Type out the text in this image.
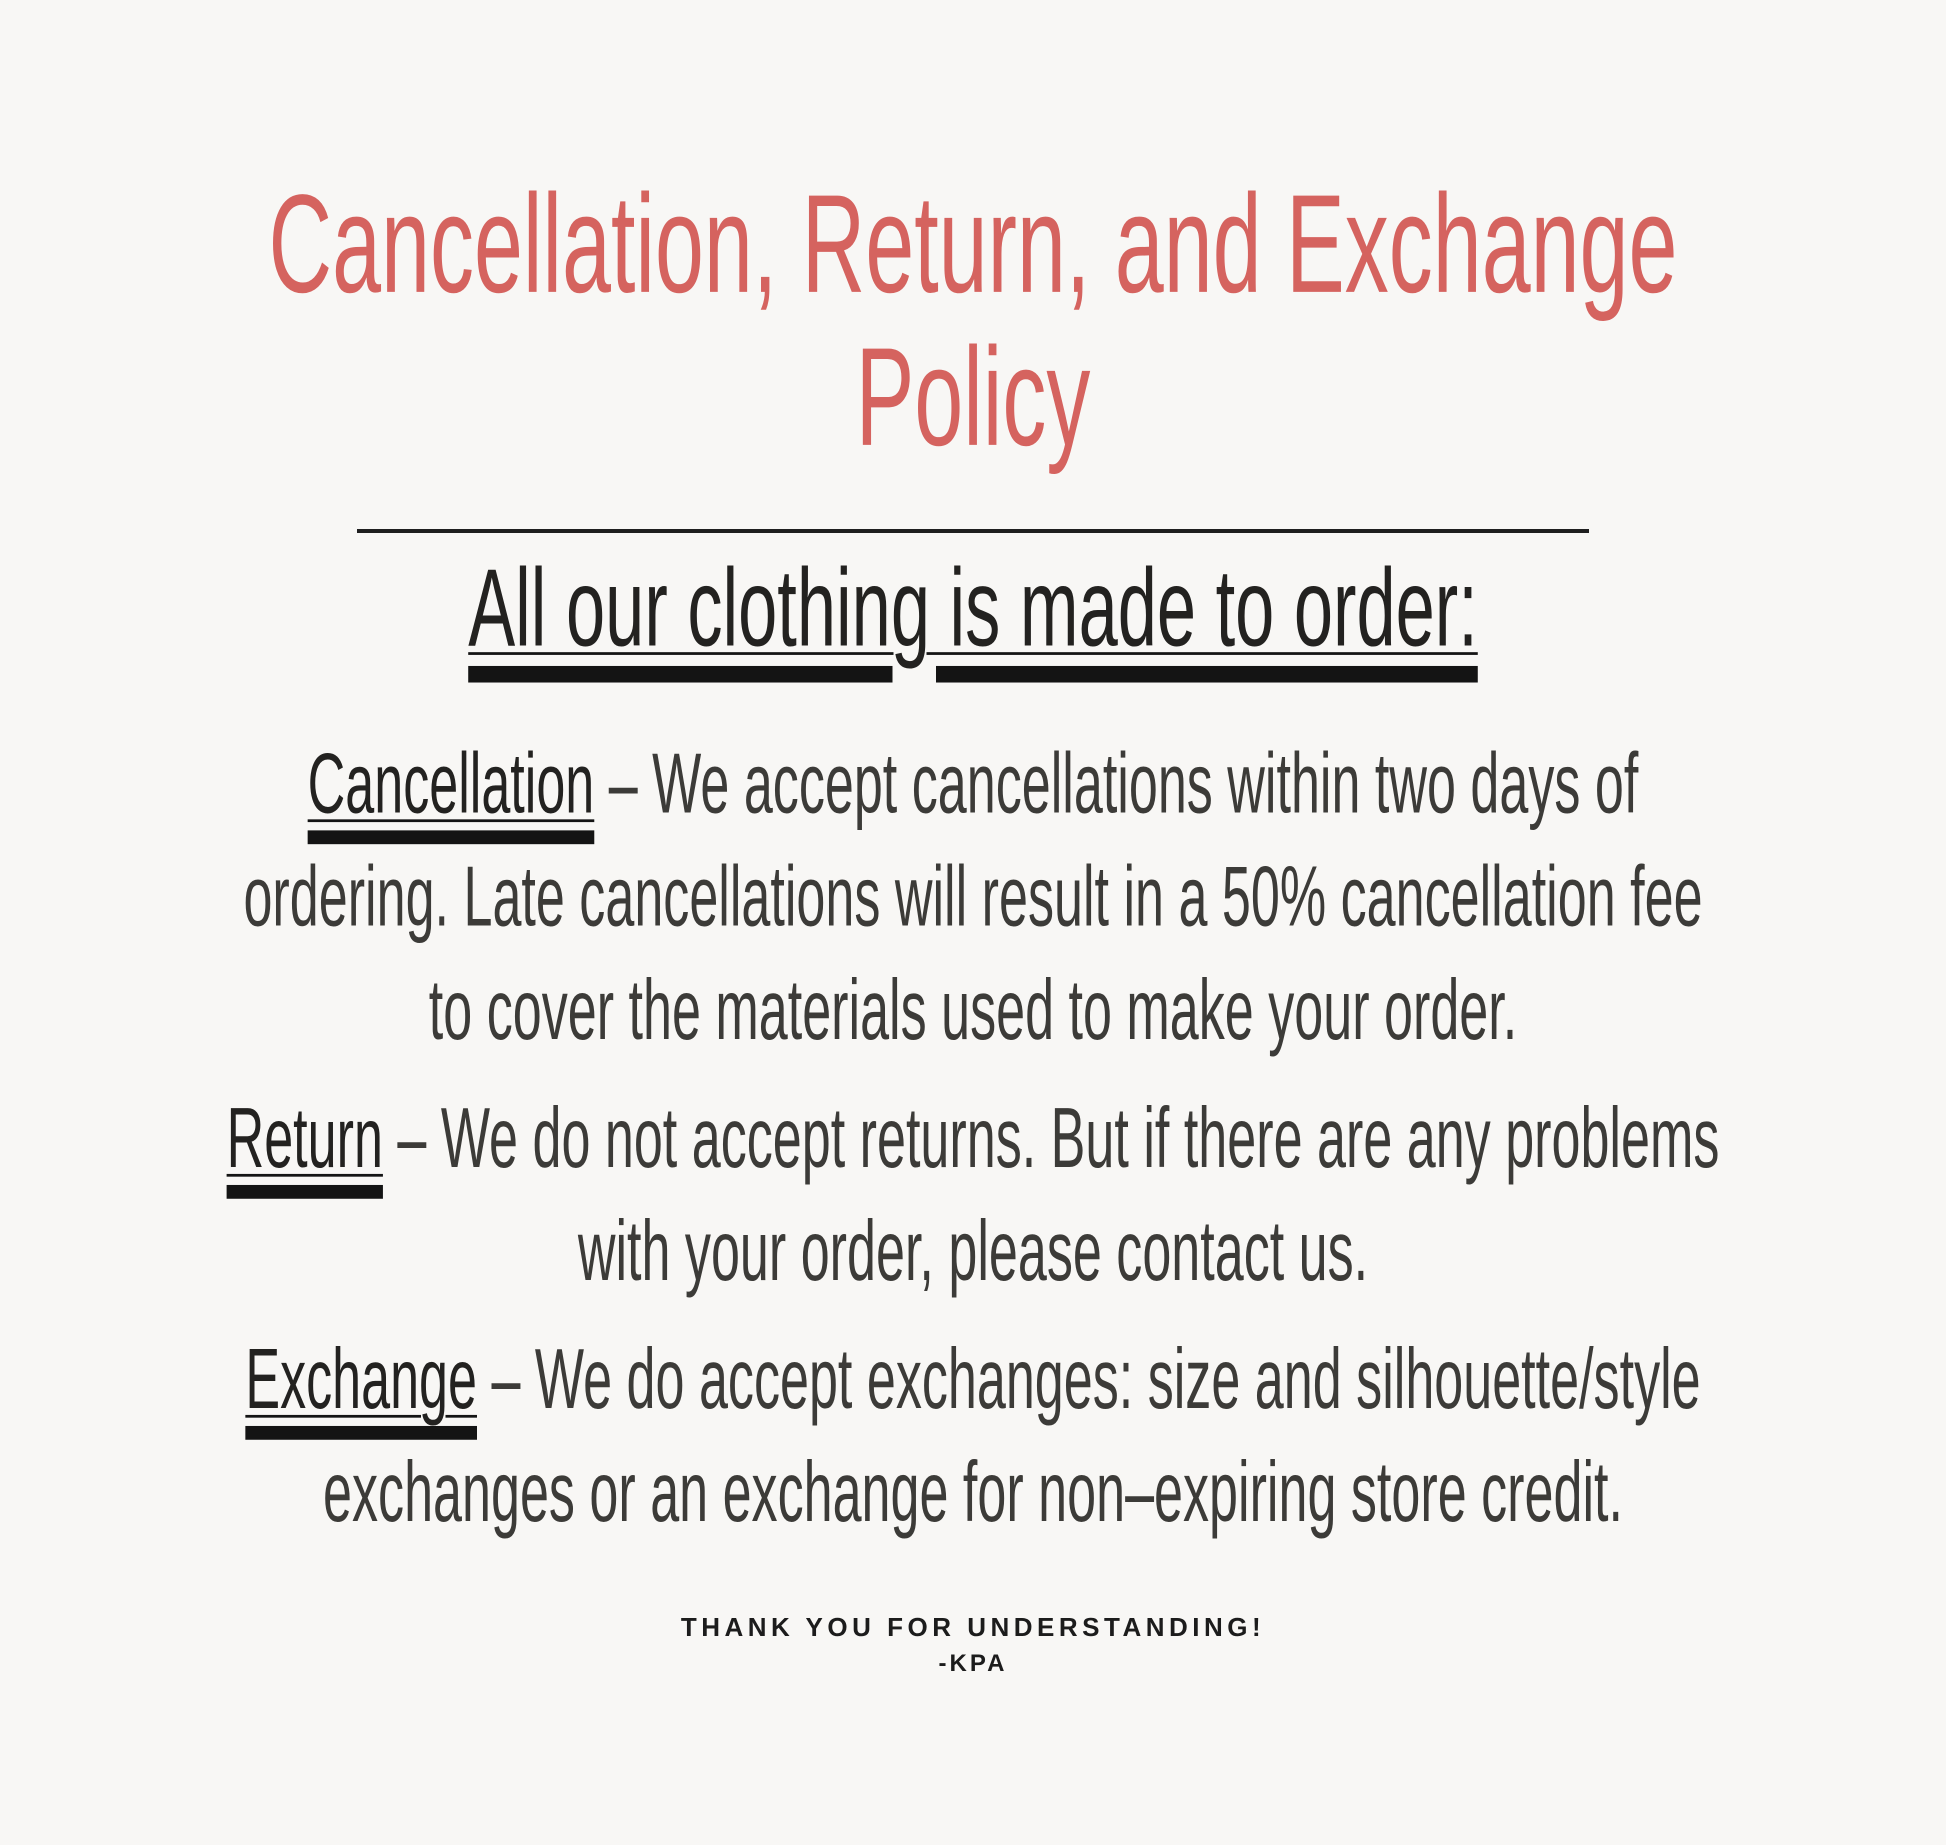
Cancellation, Return, and Exchange
Policy
All our clothing is made to order:
Cancellation – We accept cancellations within two days of
ordering. Late cancellations will result in a 50% cancellation fee
to cover the materials used to make your order.
Return – We do not accept returns. But if there are any problems
with your order, please contact us.
Exchange – We do accept exchanges: size and silhouette/style
exchanges or an exchange for non–expiring store credit.
THANK YOU FOR UNDERSTANDING!
-KPA
